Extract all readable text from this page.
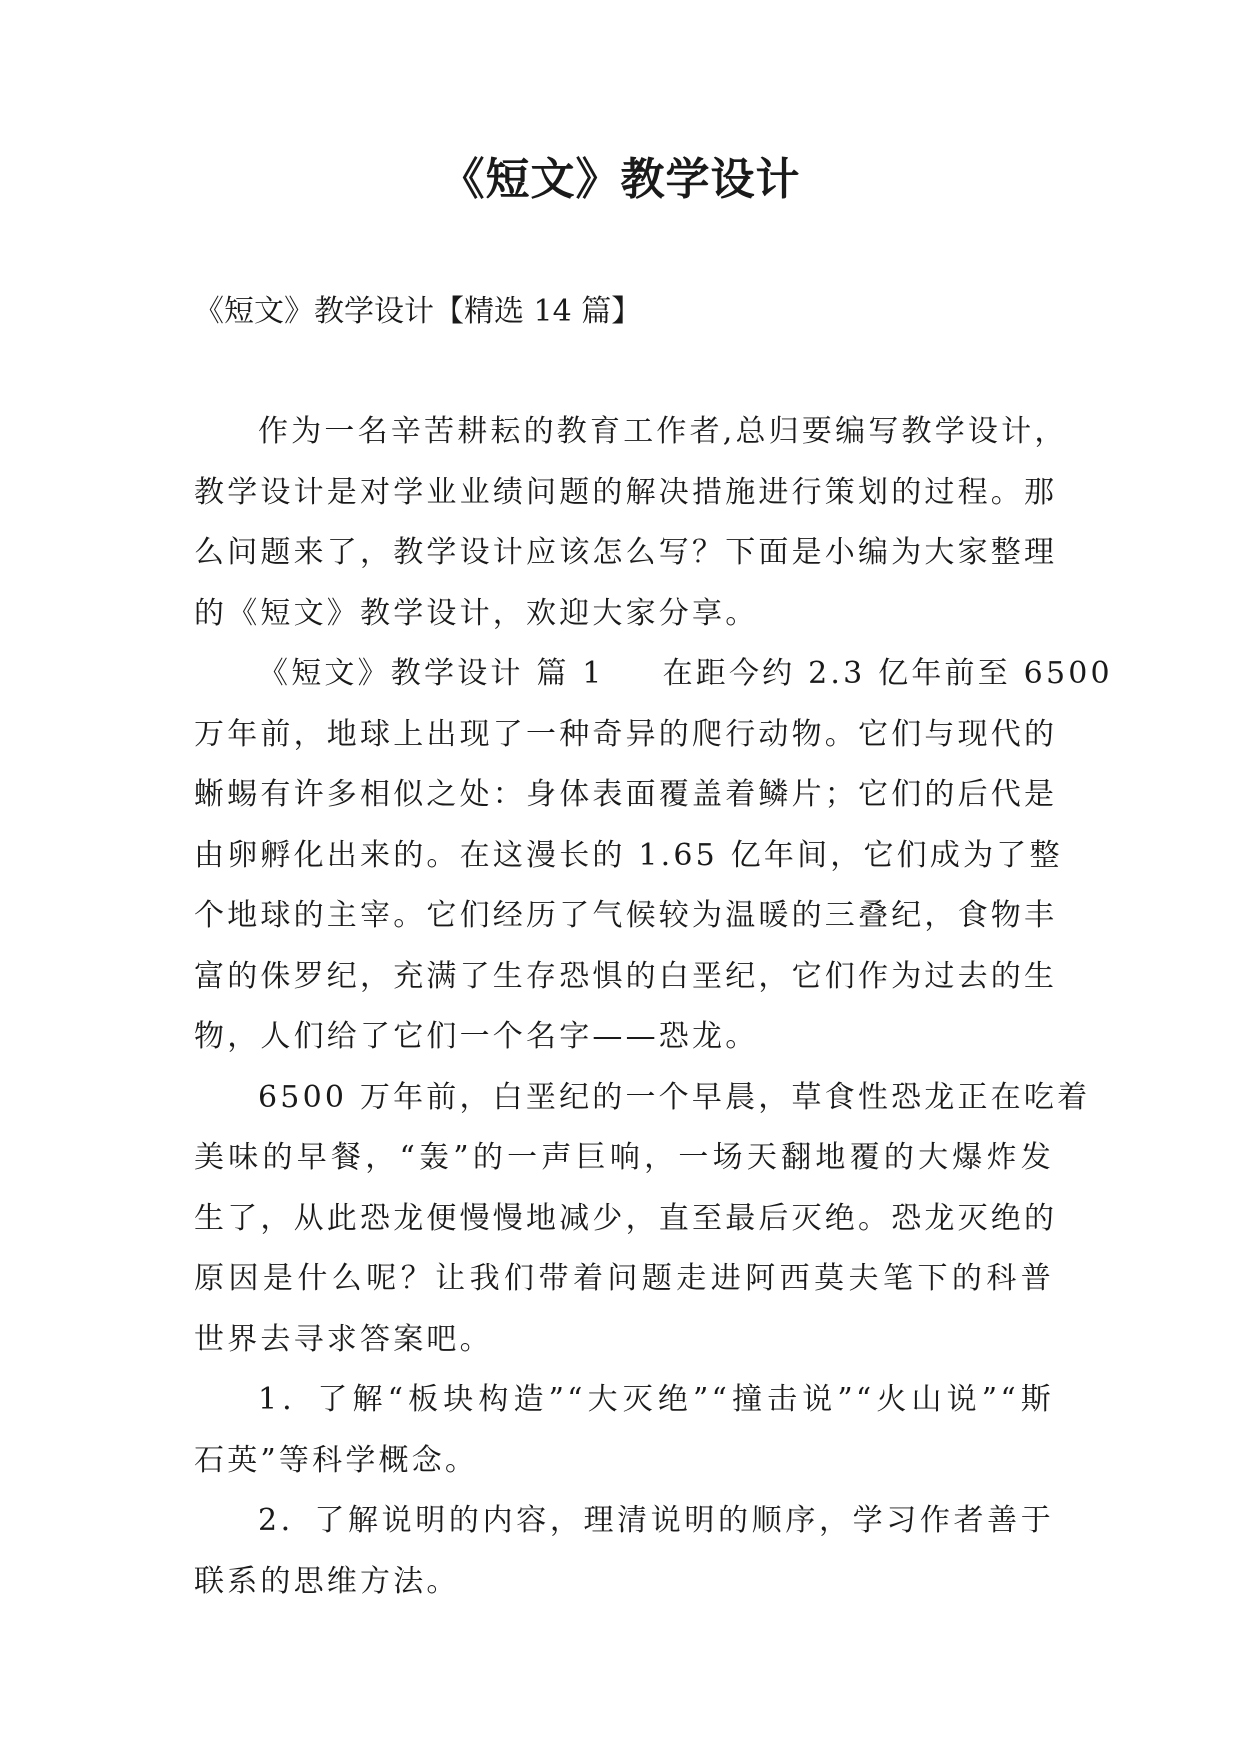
《短文》教学设计

《短文》教学设计【精选 14 篇】

作为一名辛苦耕耘的教育工作者,总归要编写教学设计，
教学设计是对学业业绩问题的解决措施进行策划的过程。那
么问题来了，教学设计应该怎么写？下面是小编为大家整理
的《短文》教学设计，欢迎大家分享。

《短文》教学设计 篇 1 在距今约 2.3 亿年前至 6500
万年前，地球上出现了一种奇异的爬行动物。它们与现代的
蜥蜴有许多相似之处：身体表面覆盖着鳞片；它们的后代是
由卵孵化出来的。在这漫长的 1.65 亿年间，它们成为了整
个地球的主宰。它们经历了气候较为温暖的三叠纪，食物丰
富的侏罗纪，充满了生存恐惧的白垩纪，它们作为过去的生
物，人们给了它们一个名字——恐龙。

6500 万年前，白垩纪的一个早晨，草食性恐龙正在吃着
美味的早餐，“轰”的一声巨响，一场天翻地覆的大爆炸发
生了，从此恐龙便慢慢地减少，直至最后灭绝。恐龙灭绝的
原因是什么呢？让我们带着问题走进阿西莫夫笔下的科普
世界去寻求答案吧。

1．了解“板块构造”“大灭绝”“撞击说”“火山说”“斯
石英”等科学概念。

2．了解说明的内容，理清说明的顺序，学习作者善于
联系的思维方法。
